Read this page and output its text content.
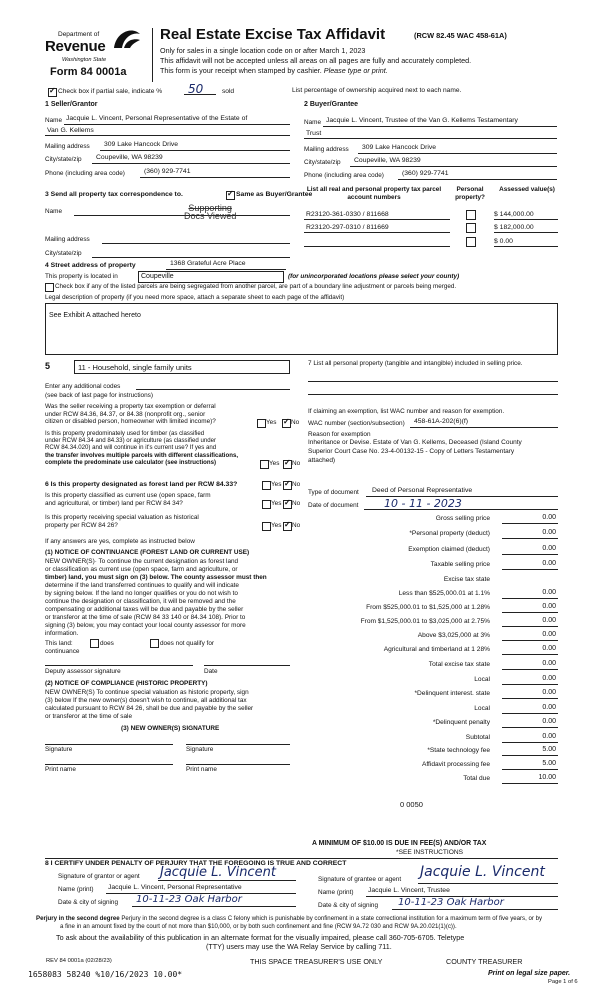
Department of
Revenue
Washington State
Form 84 0001a
Real Estate Excise Tax Affidavit	(RCW 82.45 WAC 458-61A)
Only for sales in a single location code on or after March 1, 2023
This affidavit will not be accepted unless all areas on all pages are fully and accurately completed.
This form is your receipt when stamped by cashier. Please type or print.
✓
Check box if partial sale, indicate % 50	sold	List percentage of ownership acquired next to each name.
1 Seller/Grantor
Name Jacquie L. Vincent, Personal Representative of the Estate of
Van G. Kellems
Mailing address 309 Lake Hancock Drive
City/state/zip Coupeville, WA 98239
Phone (including area code)	(360) 929-7741
2 Buyer/Grantee
Name Jacquie L. Vincent, Trustee of the Van G. Kellems Testamentary
Trust
Mailing address 309 Lake Hancock Drive
City/state/zip Coupeville, WA 98239
Phone (including area code)	(360) 929-7741
3 Send all property tax correspondence to. ✓	Same as Buyer/Grantee
Name	Supporting
Docs Viewed
Mailing address
City/state/zip
List all real and personal property tax parcel account numbers
Personal property?
Assessed value(s)
R23120-361-0330 / 811668	$ 144,000.00
R23120-297-0310 / 811669	$ 182,000.00
$ 0.00
4 Street address of property	1368 Grateful Acre Place
This property is located in	Coupeville	(for unincorporated locations please select your county)
Check box if any of the listed parcels are being segregated from another parcel, are part of a boundary line adjustment or parcels being merged.
Legal description of property (if you need more space, attach a separate sheet to each page of the affidavit)
See Exhibit A attached hereto
5	11 - Household, single family units
Enter any additional codes
(see back of last page for instructions)
Was the seller receiving a property tax exemption or deferral
under RCW 84.36, 84.37, or 84.38 (nonprofit org., senior
citizen or disabled person, homeowner with limited income)?	Yes ✓ No
Is this property predominately used for timber (as classified
under RCW 84.34 and 84.33) or agriculture (as classified under
RCW 84.34.020) and will continue in it's current use? If yes and
the transfer involves multiple parcels with different classifications,
complete the predominate use calculator (see instructions)	Yes ✓ No
6 Is this property designated as forest land per RCW 84.33?	Yes ✓ No
Is this property classified as current use (open space, farm
and agricultural, or timber) land per RCW 84 34?	Yes ✓ No
Is this property receiving special valuation as historical
property per RCW 84 26?	Yes ✓ No
If any answers are yes, complete as instructed below
(1) NOTICE OF CONTINUANCE (FOREST LAND OR CURRENT USE)
NEW OWNER(S)· To continue the current designation as forest land
or classification as current use (open space, farm and agriculture, or
timber) land, you must sign on (3) below. The county assessor must then
determine if the land transferred continues to qualify and will indicate
by signing below. If the land no longer qualifies or you do not wish to
continue the designation or classification, it will be removed and the
compensating or additional taxes will be due and payable by the seller
or transferor at the time of sale (RCW 84 33 140 or 84.34 108). Prior to
signing (3) below, you may contact your local county assessor for more
information.
This land:
continuance
does	does not qualify for
Deputy assessor signature	Date
(2) NOTICE OF COMPLIANCE (HISTORIC PROPERTY)
NEW OWNER(S) To continue special valuation as historic property, sign
(3) below If the new owner(s) doesn't wish to continue, all additional tax
calculated pursuant to RCW 84 26, shall be due and payable by the seller
or transferor at the time of sale
(3) NEW OWNER(S) SIGNATURE
Signature	Signature
Print name	Print name
7 List all personal property (tangible and intangible) included in selling price.
If claiming an exemption, list WAC number and reason for exemption.
WAC number (section/subsection) 458-61A-202(6)(f)
Reason for exemption
Inheritance or Devise. Estate of Van G. Kellems, Deceased (Island County
Superior Court Case No. 23-4-00132-15 - Copy of Letters Testamentary
attached)
Type of document Deed of Personal Representative
Date of document 10 - 11 - 2023
Gross selling price	0.00
*Personal property (deduct)	0.00
Exemption claimed (deduct)	0.00
Taxable selling price	0.00
Excise tax state
Less than $525,000.01 at 1.1%	0.00
From $525,000.01 to $1,525,000 at 1.28%	0.00
From $1,525,000.01 to $3,025,000 at 2.75%	0.00
Above $3,025,000 at 3%	0.00
Agricultural and timberland at 1 28%	0.00
Total excise tax state	0.00
Local	0.00
*Delinquent interest. state	0.00
Local	0.00
*Delinquent penalty	0.00
Subtotal	0.00
*State technology fee	5.00
Affidavit processing fee	5.00
Total due	10.00
0 0050
A MINIMUM OF $10.00 IS DUE IN FEE(S) AND/OR TAX
*SEE INSTRUCTIONS
8 I CERTIFY UNDER PENALTY OF PERJURY THAT THE FOREGOING IS TRUE AND CORRECT
Signature of grantor or agent Jacquie L. Vincent
Name (print) Jacquie L. Vincent, Personal Representative
Date & city of signing 10-11-23 Oak Harbor
Signature of grantee or agent Jacquie L. Vincent
Name (print) Jacquie L. Vincent, Trustee
Date & city of signing 10-11-23 Oak Harbor
Perjury in the second degree Perjury in the second degree is a class C felony which is punishable by confinement in a state correctional institution for a maximum term of five years, or by
a fine in an amount fixed by the court of not more than $10,000, or by both such confinement and fine (RCW 9A.72 030 and RCW 9A.20.021(1)(c)).
To ask about the availability of this publication in an alternate format for the visually impaired, please call 360-705-6705. Teletype
(TTY) users may use the WA Relay Service by calling 711.
REV 84 0001a (02/28/23)	THIS SPACE TREASURER'S USE ONLY	COUNTY TREASURER
1658083 58240 %10/16/2023 10.00*	Print on legal size paper.
Page 1 of 6
